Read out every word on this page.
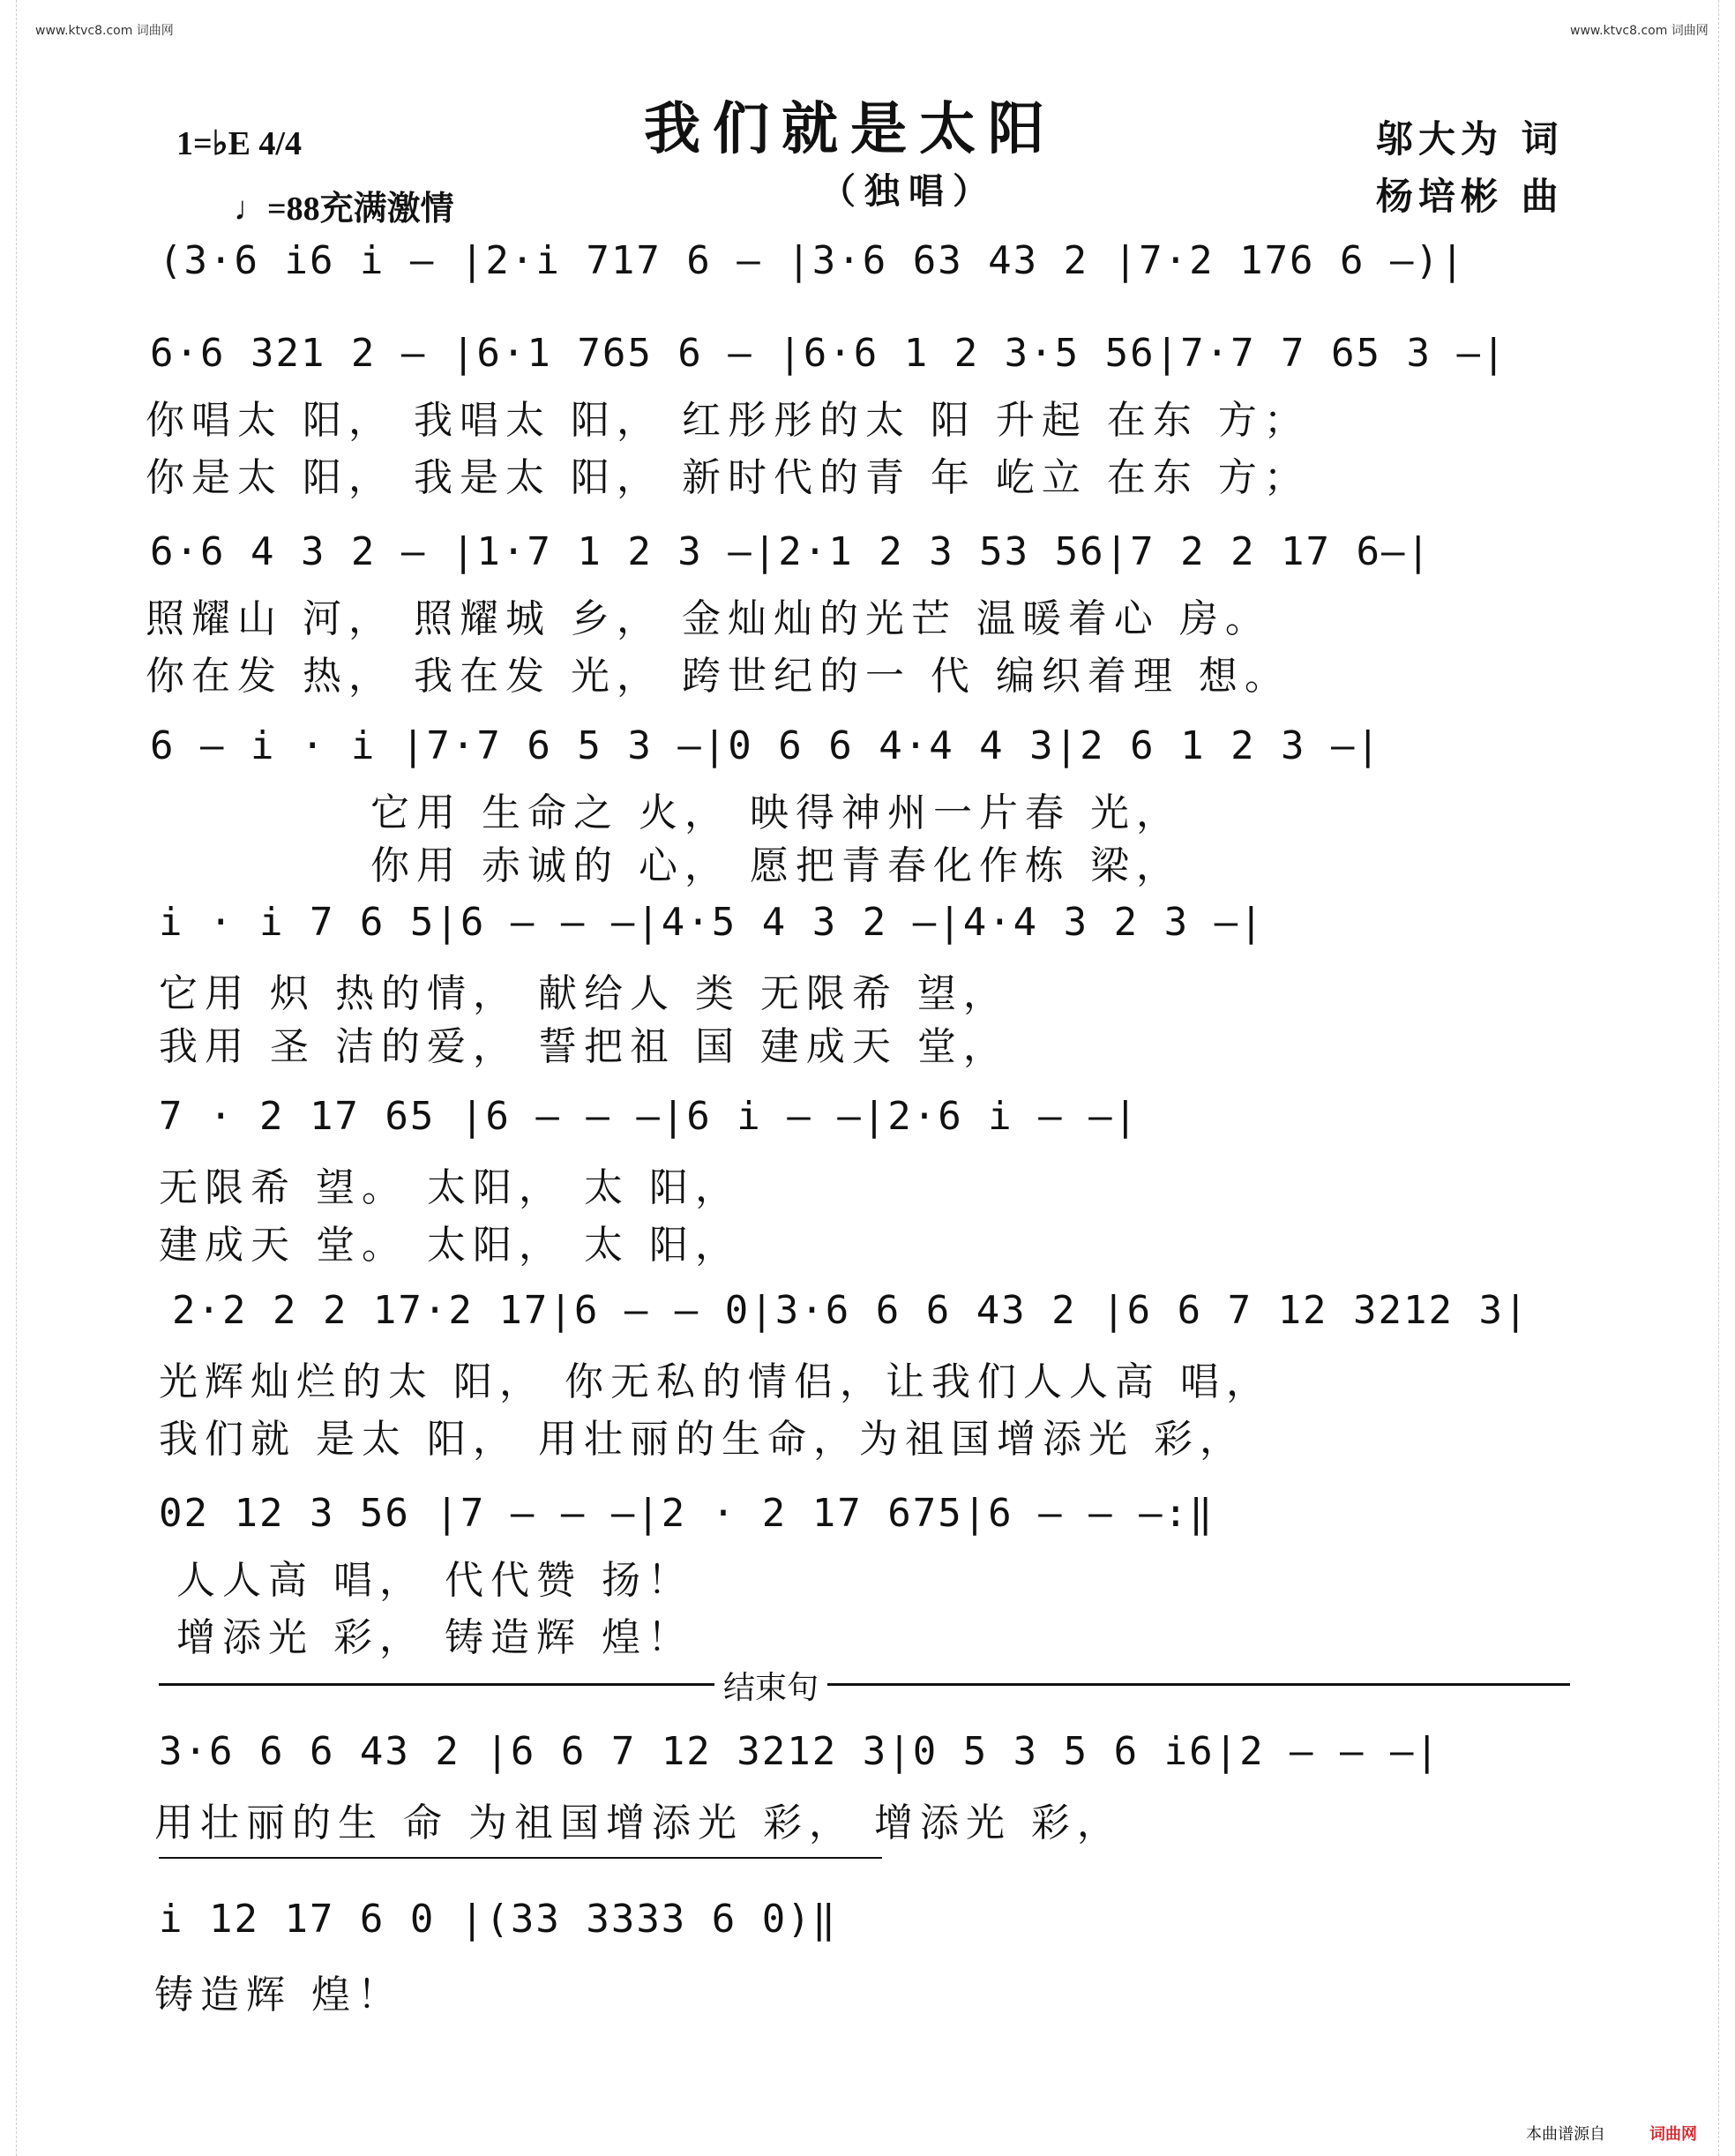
www.ktvc8.com 词曲网	www.ktvc8.com 词曲网
我们就是太阳
（独唱）
1=♭E 4/4
♩=88充满激情
邬大为 词
杨培彬 曲
(3·6 i6 i — |2·i 717 6 — |3·6 63 43 2 |7·2 176 6 —)|
6·6 321 2 — |6·1 765 6 — |6·6 1 2 3·5 56|7·7 7 65 3 —|
你唱太 阳， 我唱太 阳， 红彤彤的太 阳 升起 在东 方；
你是太 阳， 我是太 阳， 新时代的青 年 屹立 在东 方；
6·6 4 3 2 — |1·7 1 2 3 —|2·1 2 3 53 56|7 2 2 17 6—|
照耀山 河， 照耀城 乡， 金灿灿的光芒 温暖着心 房。
你在发 热， 我在发 光， 跨世纪的一 代 编织着理 想。
6 — i · i |7·7 6 5 3 —|0 6 6 4·4 4 3|2 6 1 2 3 —|
它用 生命之 火， 映得神州一片春 光，
你用 赤诚的 心， 愿把青春化作栋 梁，
i · i 7 6 5|6 — — —|4·5 4 3 2 —|4·4 3 2 3 —|
它用 炽 热的情， 献给人 类 无限希 望，
我用 圣 洁的爱， 誓把祖 国 建成天 堂，
7 · 2 17 65 |6 — — —|6 i — —|2·6 i — —|
无限希 望。 太阳， 太 阳，
建成天 堂。 太阳， 太 阳，
2·2 2 2 17·2 17|6 — — 0|3·6 6 6 43 2 |6 6 7 12 3212 3|
光辉灿烂的太 阳， 你无私的情侣，让我们人人高 唱，
我们就 是太 阳， 用壮丽的生命，为祖国增添光 彩，
02 12 3 56 |7 — — —|2 · 2 17 675|6 — — —:‖
人人高 唱， 代代赞 扬！
增添光 彩， 铸造辉 煌！
结束句
3·6 6 6 43 2 |6 6 7 12 3212 3|0 5 3 5 6 i6|2 — — —|
用壮丽的生 命 为祖国增添光 彩， 增添光 彩，
i 12 17 6 0 |(33 3333 6 0)‖
铸造辉 煌！
本曲谱源自	词曲网
